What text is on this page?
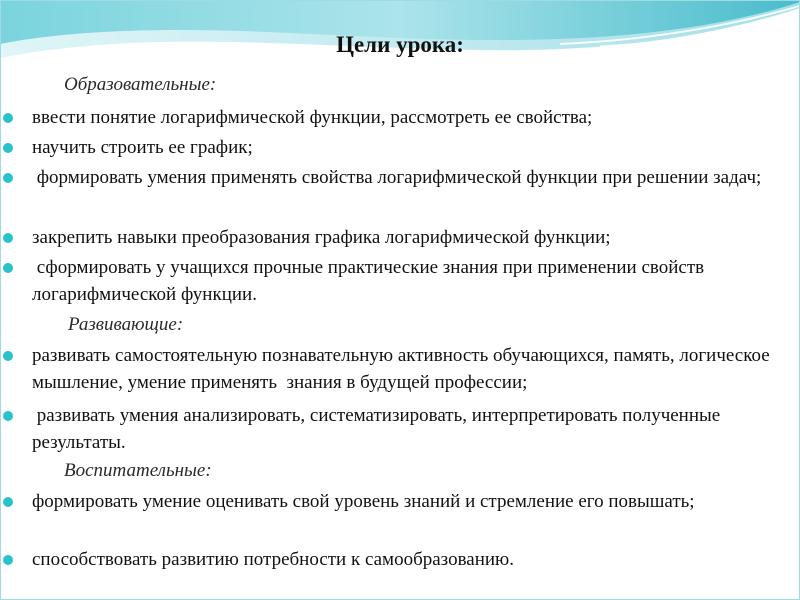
Цели урока:
Образовательные:
ввести понятие логарифмической функции, рассмотреть ее свойства;
научить строить ее график;
формировать умения применять свойства логарифмической функции при решении задач;
закрепить навыки преобразования графика логарифмической функции;
сформировать у учащихся прочные практические знания при применении свойств логарифмической функции.
Развивающие:
развивать самостоятельную познавательную активность обучающихся, память, логическое мышление, умение применять  знания в будущей профессии;
развивать умения анализировать, систематизировать, интерпретировать полученные результаты.
Воспитательные:
формировать умение оценивать свой уровень знаний и стремление его повышать;
способствовать развитию потребности к самообразованию.
